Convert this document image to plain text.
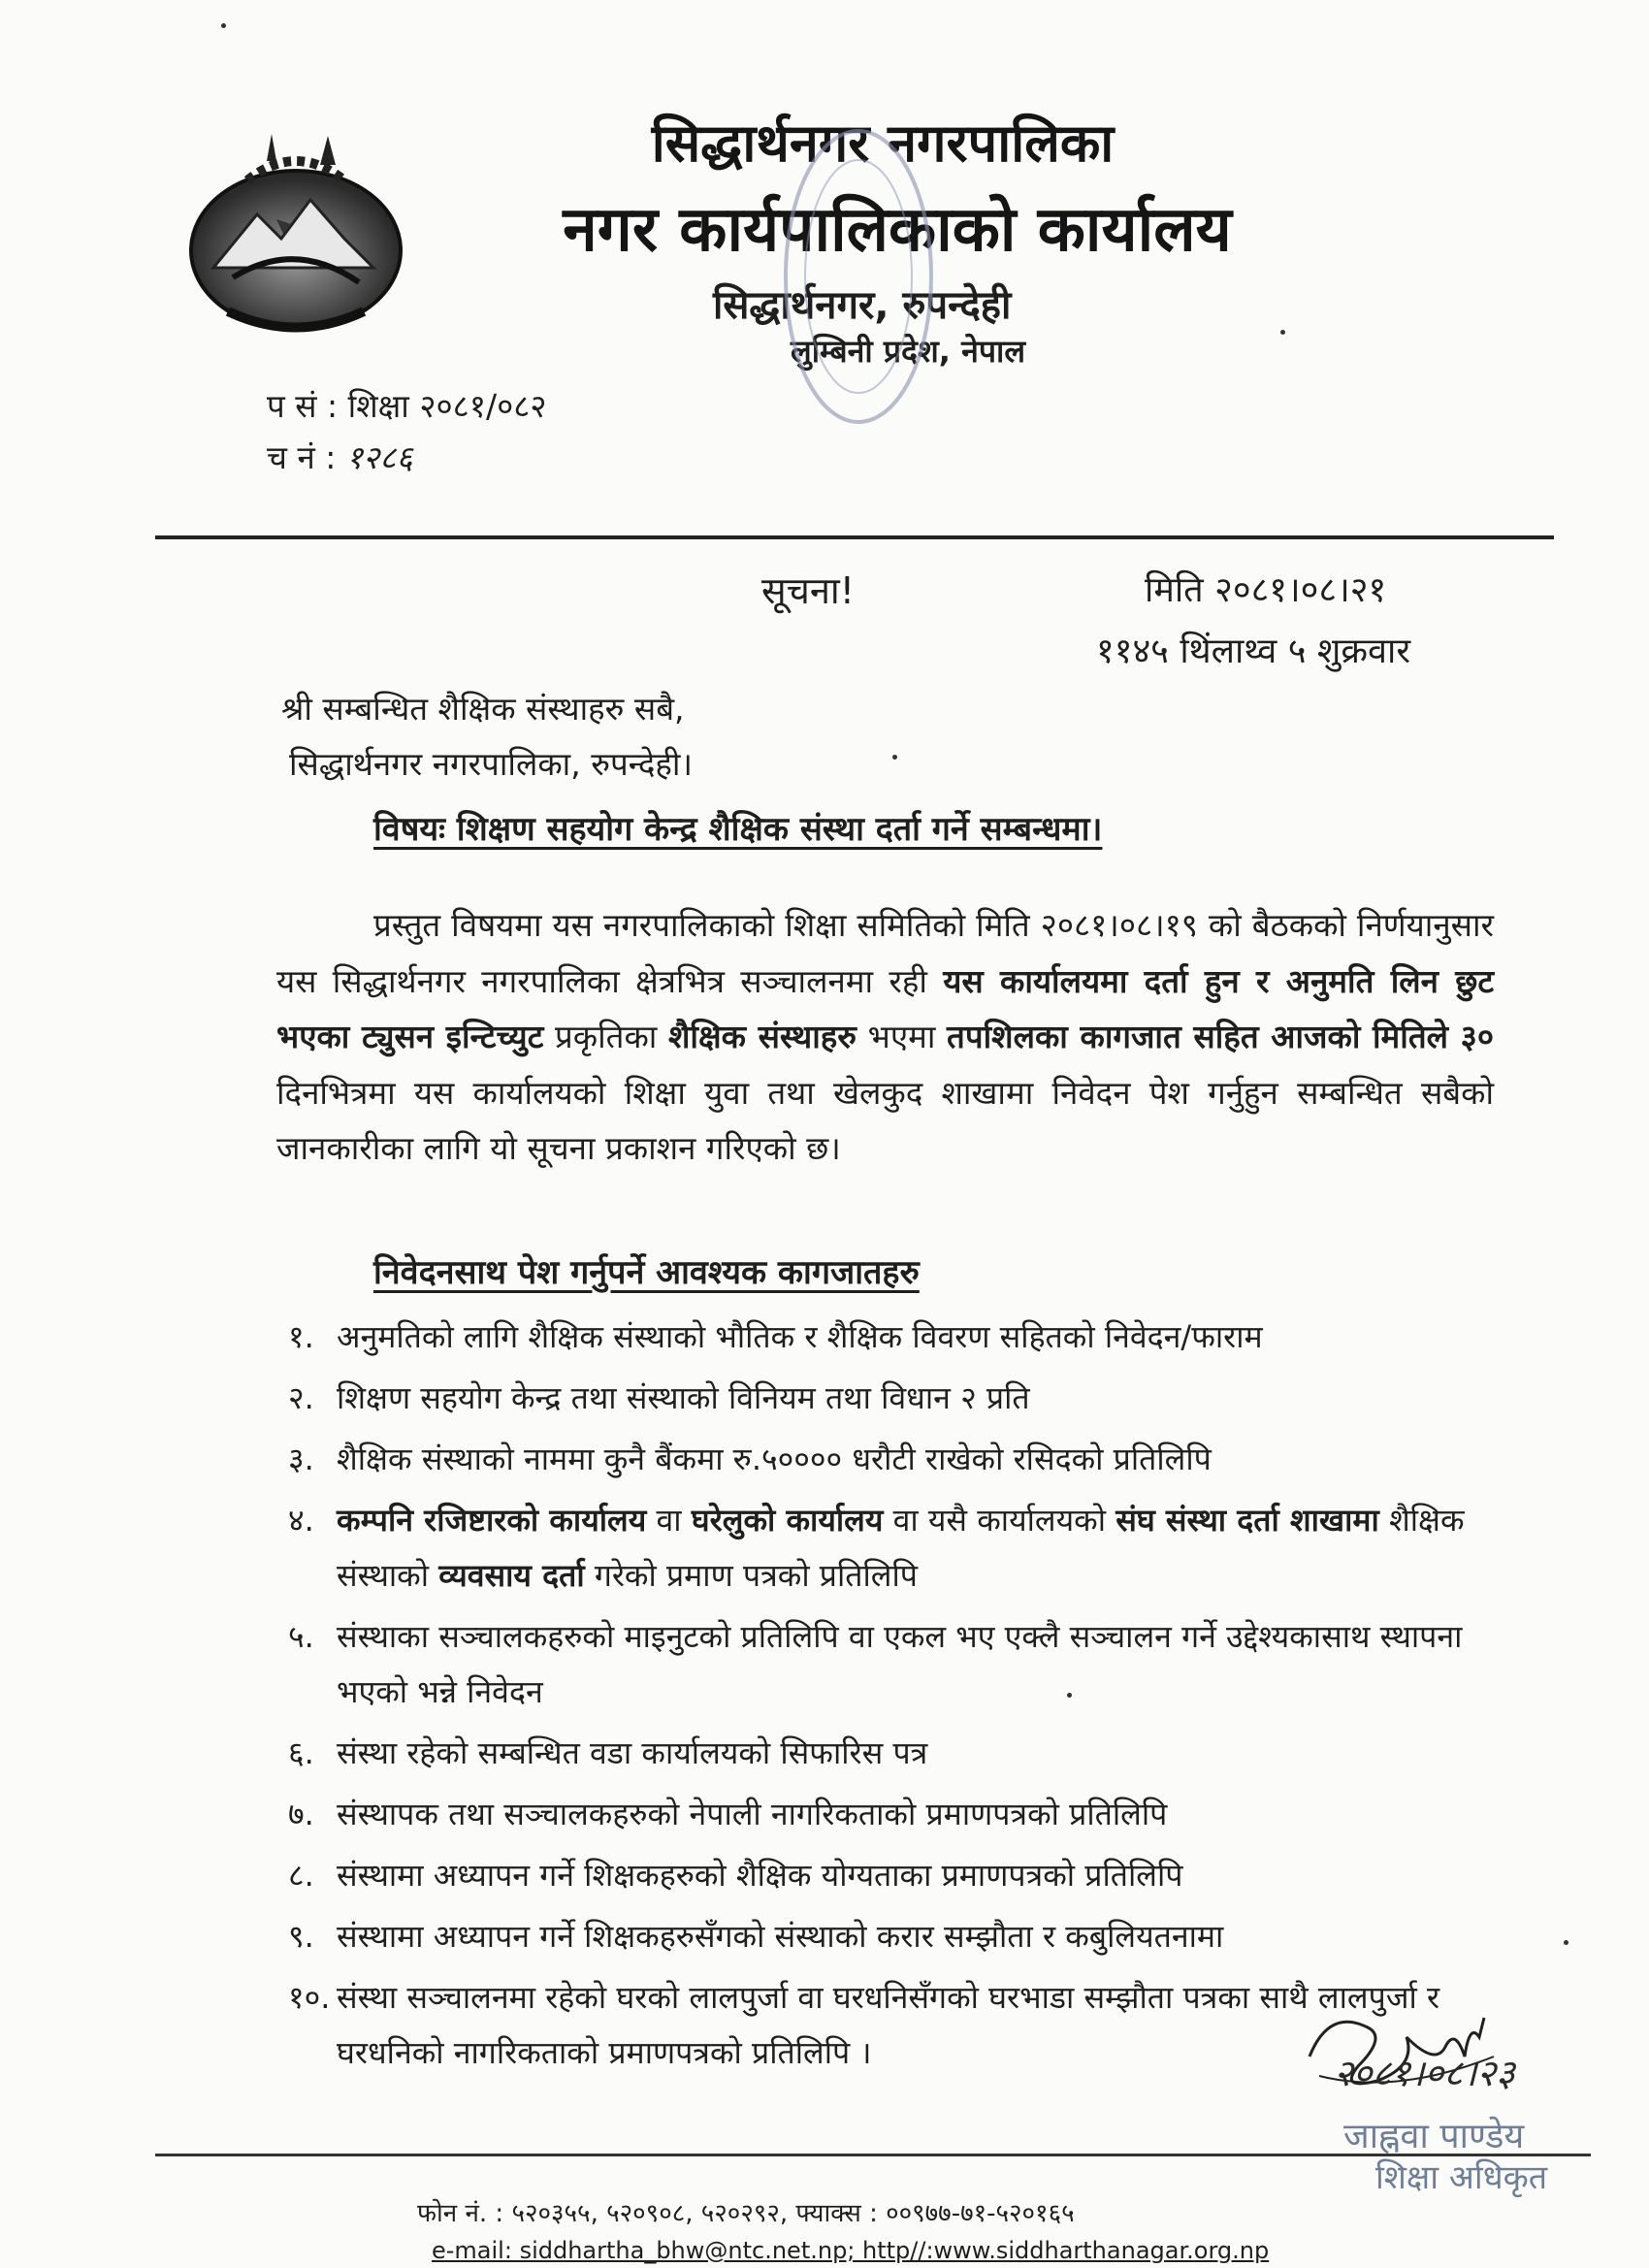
सिद्धार्थनगर नगरपालिका
नगर कार्यपालिकाको कार्यालय
सिद्धार्थनगर, रुपन्देही
लुम्बिनी प्रदेश, नेपाल
प सं : शिक्षा २०८१/०८२
च नं : १२८६
सूचना!	मिति २०८१।०८।२१
११४५ थिंलाथ्व ५ शुक्रवार
श्री सम्बन्धित शैक्षिक संस्थाहरु सबै,
सिद्धार्थनगर नगरपालिका, रुपन्देही।
विषयः शिक्षण सहयोग केन्द्र शैक्षिक संस्था दर्ता गर्ने सम्बन्धमा।

प्रस्तुत विषयमा यस नगरपालिकाको शिक्षा समितिको मिति २०८१।०८।१९ को बैठकको निर्णयानुसार यस सिद्धार्थनगर नगरपालिका क्षेत्रभित्र सञ्चालनमा रही यस कार्यालयमा दर्ता हुन र अनुमति लिन छुट भएका ट्युसन इन्टिच्युट प्रकृतिका शैक्षिक संस्थाहरु भएमा तपशिलका कागजात सहित आजको मितिले ३० दिनभित्रमा यस कार्यालयको शिक्षा युवा तथा खेलकुद शाखामा निवेदन पेश गर्नुहुन सम्बन्धित सबैको जानकारीका लागि यो सूचना प्रकाशन गरिएको छ।

निवेदनसाथ पेश गर्नुपर्ने आवश्यक कागजातहरु
१. अनुमतिको लागि शैक्षिक संस्थाको भौतिक र शैक्षिक विवरण सहितको निवेदन/फाराम
२. शिक्षण सहयोग केन्द्र तथा संस्थाको विनियम तथा विधान २ प्रति
३. शैक्षिक संस्थाको नाममा कुनै बैंकमा रु.५०००० धरौटी राखेको रसिदको प्रतिलिपि
४. कम्पनि रजिष्टारको कार्यालय वा घरेलुको कार्यालय वा यसै कार्यालयको संघ संस्था दर्ता शाखामा शैक्षिक संस्थाको व्यवसाय दर्ता गरेको प्रमाण पत्रको प्रतिलिपि
५. संस्थाका सञ्चालकहरुको माइनुटको प्रतिलिपि वा एकल भए एक्लै सञ्चालन गर्ने उद्देश्यकासाथ स्थापना भएको भन्ने निवेदन
६. संस्था रहेको सम्बन्धित वडा कार्यालयको सिफारिस पत्र
७. संस्थापक तथा सञ्चालकहरुको नेपाली नागरिकताको प्रमाणपत्रको प्रतिलिपि
८. संस्थामा अध्यापन गर्ने शिक्षकहरुको शैक्षिक योग्यताका प्रमाणपत्रको प्रतिलिपि
९. संस्थामा अध्यापन गर्ने शिक्षकहरुसँगको संस्थाको करार सम्झौता र कबुलियतनामा
१०. संस्था सञ्चालनमा रहेको घरको लालपुर्जा वा घरधनिसँगको घरभाडा सम्झौता पत्रका साथै लालपुर्जा र घरधनिको नागरिकताको प्रमाणपत्रको प्रतिलिपि ।	२०८१।०८।२३
जाह्नवा पाण्डेय
शिक्षा अधिकृत
फोन नं. : ५२०३५५, ५२०९०८, ५२०२९२, फ्याक्स : ००९७७-७१-५२०१६५
e-mail: siddhartha_bhw@ntc.net.np; http//:www.siddharthanagar.org.np
